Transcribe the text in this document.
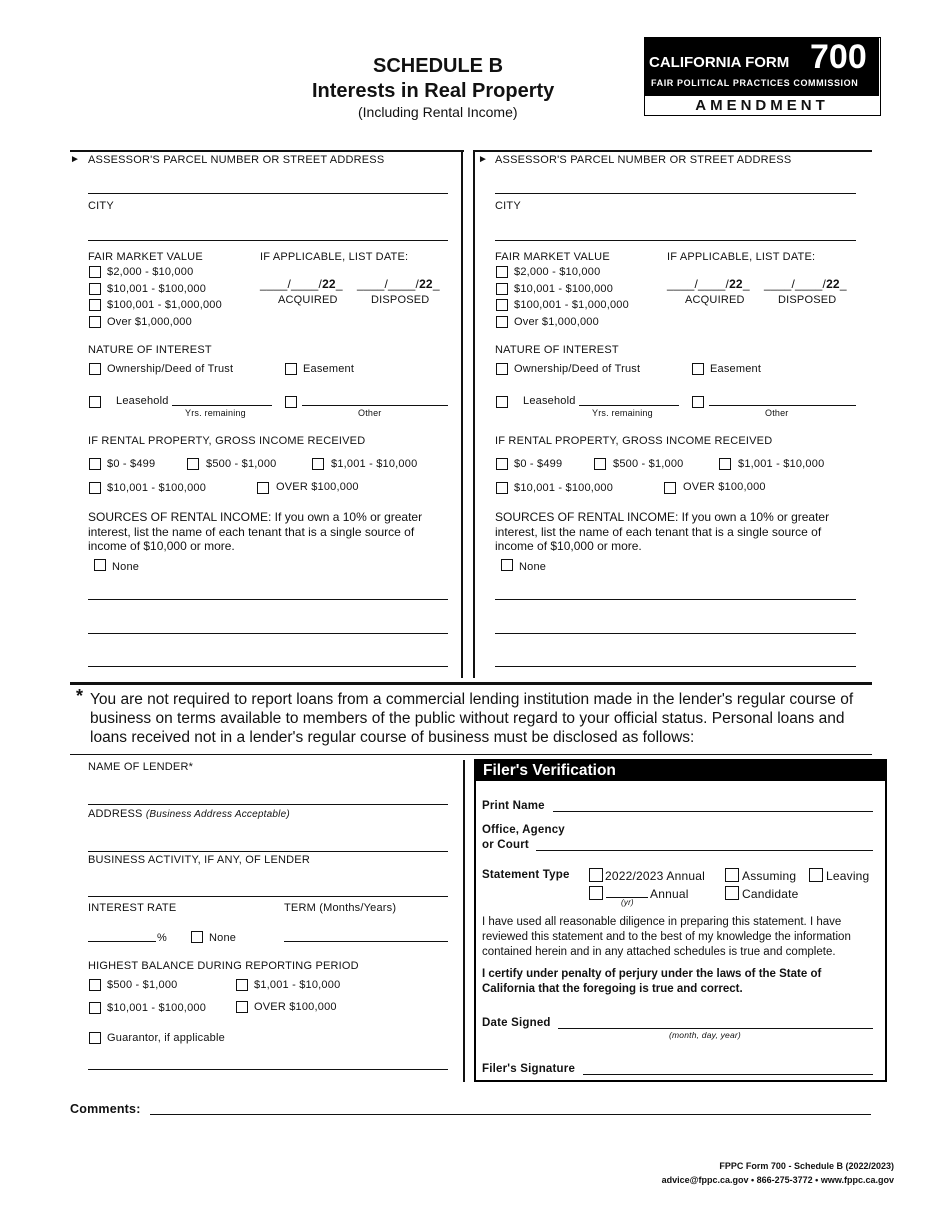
SCHEDULE B
Interests in Real Property
(Including Rental Income)
CALIFORNIA FORM 700
FAIR POLITICAL PRACTICES COMMISSION
AMENDMENT
► ASSESSOR'S PARCEL NUMBER OR STREET ADDRESS
CITY
FAIR MARKET VALUE
$2,000 - $10,000
$10,001 - $100,000
$100,001 - $1,000,000
Over $1,000,000
IF APPLICABLE, LIST DATE:
____/____/22_ ____/____/22_
ACQUIRED	DISPOSED
NATURE OF INTEREST
Ownership/Deed of Trust	Easement
Leasehold
Yrs. remaining	Other
IF RENTAL PROPERTY, GROSS INCOME RECEIVED
$0 - $499	$500 - $1,000	$1,001 - $10,000
$10,001 - $100,000	OVER $100,000
SOURCES OF RENTAL INCOME: If you own a 10% or greater
interest, list the name of each tenant that is a single source of
income of $10,000 or more.
None
► ASSESSOR'S PARCEL NUMBER OR STREET ADDRESS
CITY
FAIR MARKET VALUE
$2,000 - $10,000
$10,001 - $100,000
$100,001 - $1,000,000
Over $1,000,000
IF APPLICABLE, LIST DATE:
____/____/22_ ____/____/22_
ACQUIRED	DISPOSED
NATURE OF INTEREST
Ownership/Deed of Trust	Easement
Leasehold
Yrs. remaining	Other
IF RENTAL PROPERTY, GROSS INCOME RECEIVED
$0 - $499	$500 - $1,000	$1,001 - $10,000
$10,001 - $100,000	OVER $100,000
SOURCES OF RENTAL INCOME: If you own a 10% or greater
interest, list the name of each tenant that is a single source of
income of $10,000 or more.
None
* You are not required to report loans from a commercial lending institution made in the lender's regular course of
business on terms available to members of the public without regard to your official status. Personal loans and
loans received not in a lender's regular course of business must be disclosed as follows:
NAME OF LENDER*
ADDRESS (Business Address Acceptable)
BUSINESS ACTIVITY, IF ANY, OF LENDER
INTEREST RATE	TERM (Months/Years)
%	None
HIGHEST BALANCE DURING REPORTING PERIOD
$500 - $1,000	$1,001 - $10,000
$10,001 - $100,000	OVER $100,000
Guarantor, if applicable
Filer's Verification
Print Name
Office, Agency
or Court
Statement Type	2022/2023 Annual	Assuming Leaving
(yr)
Annual	Candidate
I have used all reasonable diligence in preparing this statement. I have
reviewed this statement and to the best of my knowledge the information
contained herein and in any attached schedules is true and complete.
I certify under penalty of perjury under the laws of the State of
California that the foregoing is true and correct.
Date Signed
(month, day, year)
Filer's Signature
Comments:
FPPC Form 700 - Schedule B (2022/2023)
advice@fppc.ca.gov • 866-275-3772 • www.fppc.ca.gov
